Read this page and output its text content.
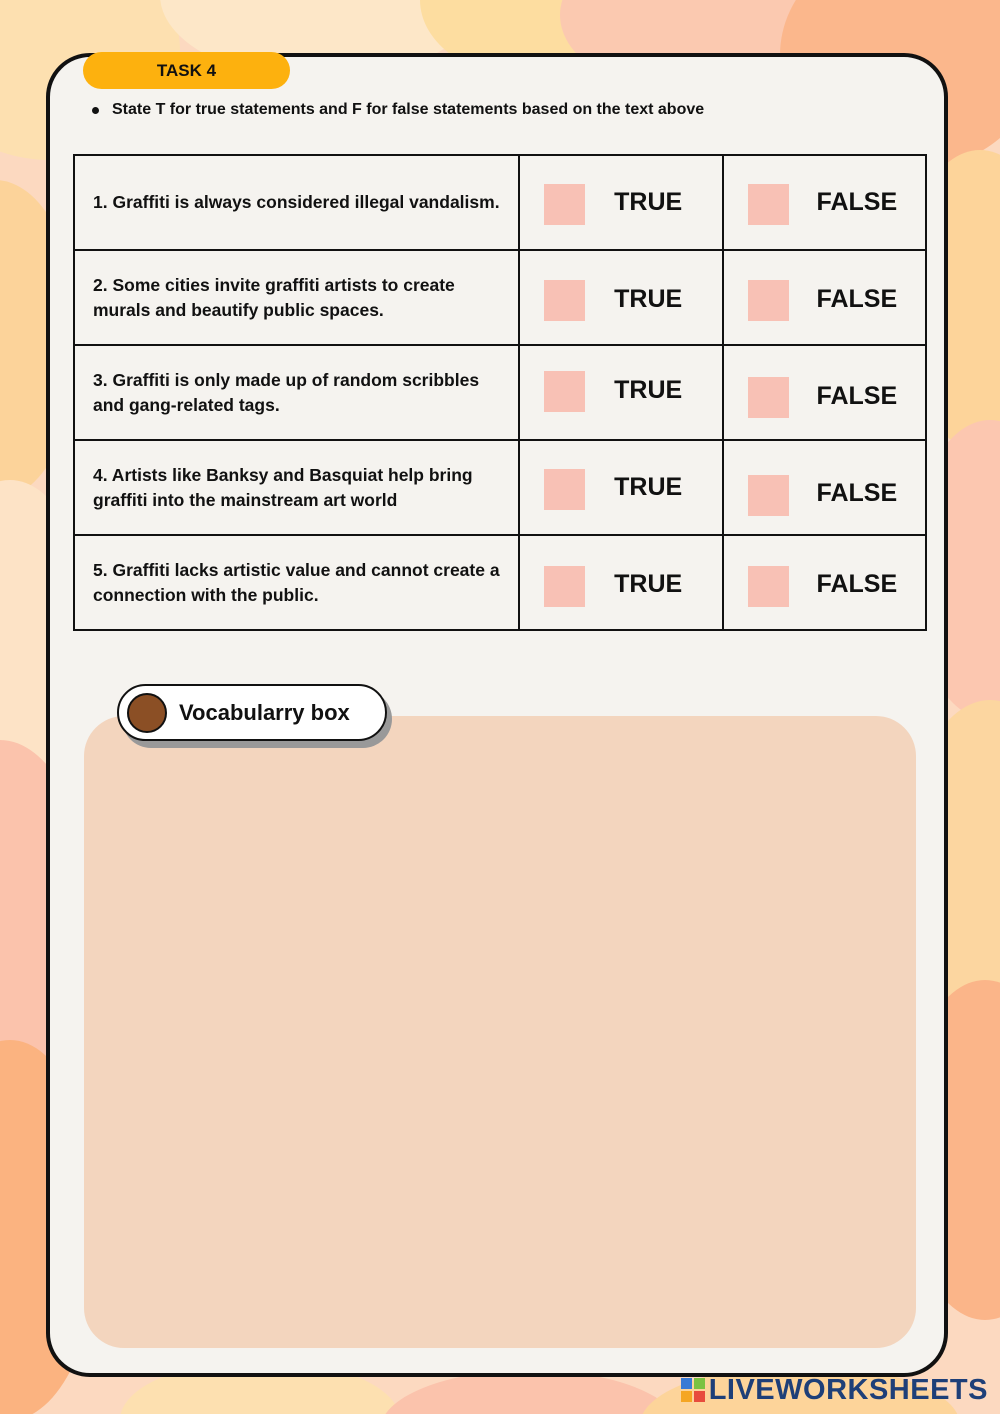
TASK 4
State T for true statements and F for false statements based on the text above
1. Graffiti is always considered illegal vandalism.	TRUE	FALSE

2. Some cities invite graffiti artists to create murals and beautify public spaces.	TRUE	FALSE

3. Graffiti is only made up of random scribbles and gang-related tags.	TRUE	FALSE

4. Artists like Banksy and Basquiat help bring graffiti into the mainstream art world	TRUE	FALSE

5. Graffiti lacks artistic value and cannot create a connection with the public.	TRUE	FALSE
Vocabularry box
LIVEWORKSHEETS
